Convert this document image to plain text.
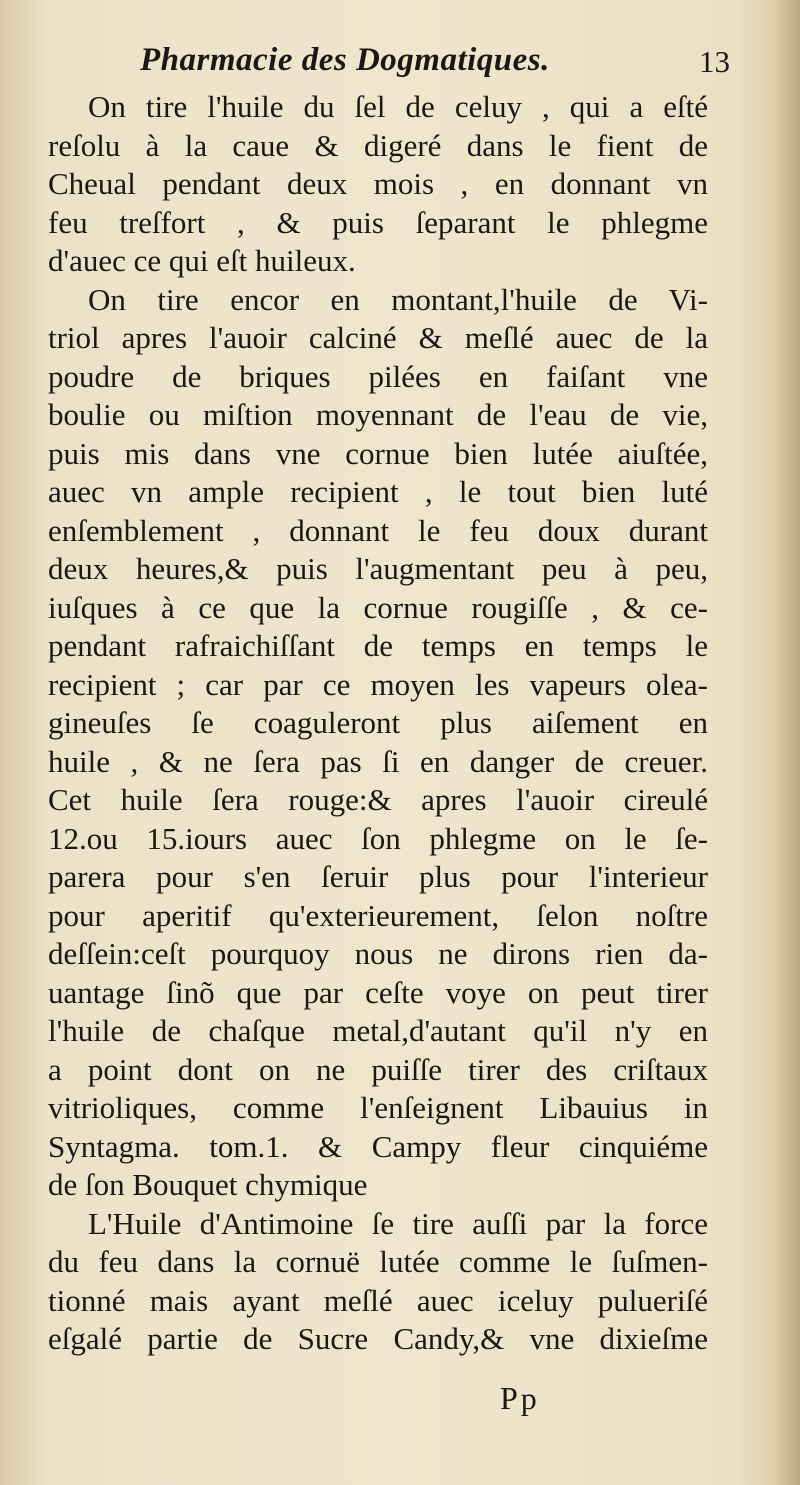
Pharmacie des Dogmatiques.	13
On tire l'huile du ſel de celuy , qui a eſté
reſolu à la caue & digeré dans le fient de
Cheual pendant deux mois , en donnant vn
feu treſfort , & puis ſeparant le phlegme
d'auec ce qui eſt huileux.
On tire encor en montant,l'huile de Vi-
triol apres l'auoir calciné & meſlé auec de la
poudre de briques pilées en faiſant vne
boulie ou miſtion moyennant de l'eau de vie,
puis mis dans vne cornue bien lutée aiuſtée,
auec vn ample recipient , le tout bien luté
enſemblement , donnant le feu doux durant
deux heures,& puis l'augmentant peu à peu,
iuſques à ce que la cornue rougiſſe , & ce-
pendant rafraichiſſant de temps en temps le
recipient ; car par ce moyen les vapeurs olea-
gineuſes ſe coaguleront plus aiſement en
huile , & ne ſera pas ſi en danger de creuer.
Cet huile ſera rouge:& apres l'auoir cireulé
12.ou 15.iours auec ſon phlegme on le ſe-
parera pour s'en ſeruir plus pour l'interieur
pour aperitif qu'exterieurement, ſelon noſtre
deſſein:ceſt pourquoy nous ne dirons rien da-
uantage ſinõ que par ceſte voye on peut tirer
l'huile de chaſque metal,d'autant qu'il n'y en
a point dont on ne puiſſe tirer des criſtaux
vitrioliques, comme l'enſeignent Libauius in
Syntagma. tom.1. & Campy fleur cinquiéme
de ſon Bouquet chymique
L'Huile d'Antimoine ſe tire auſſi par la force
du feu dans la cornuë lutée comme le ſuſmen-
tionné mais ayant meſlé auec iceluy pulueriſé
eſgalé partie de Sucre Candy,& vne dixieſme
Pp
